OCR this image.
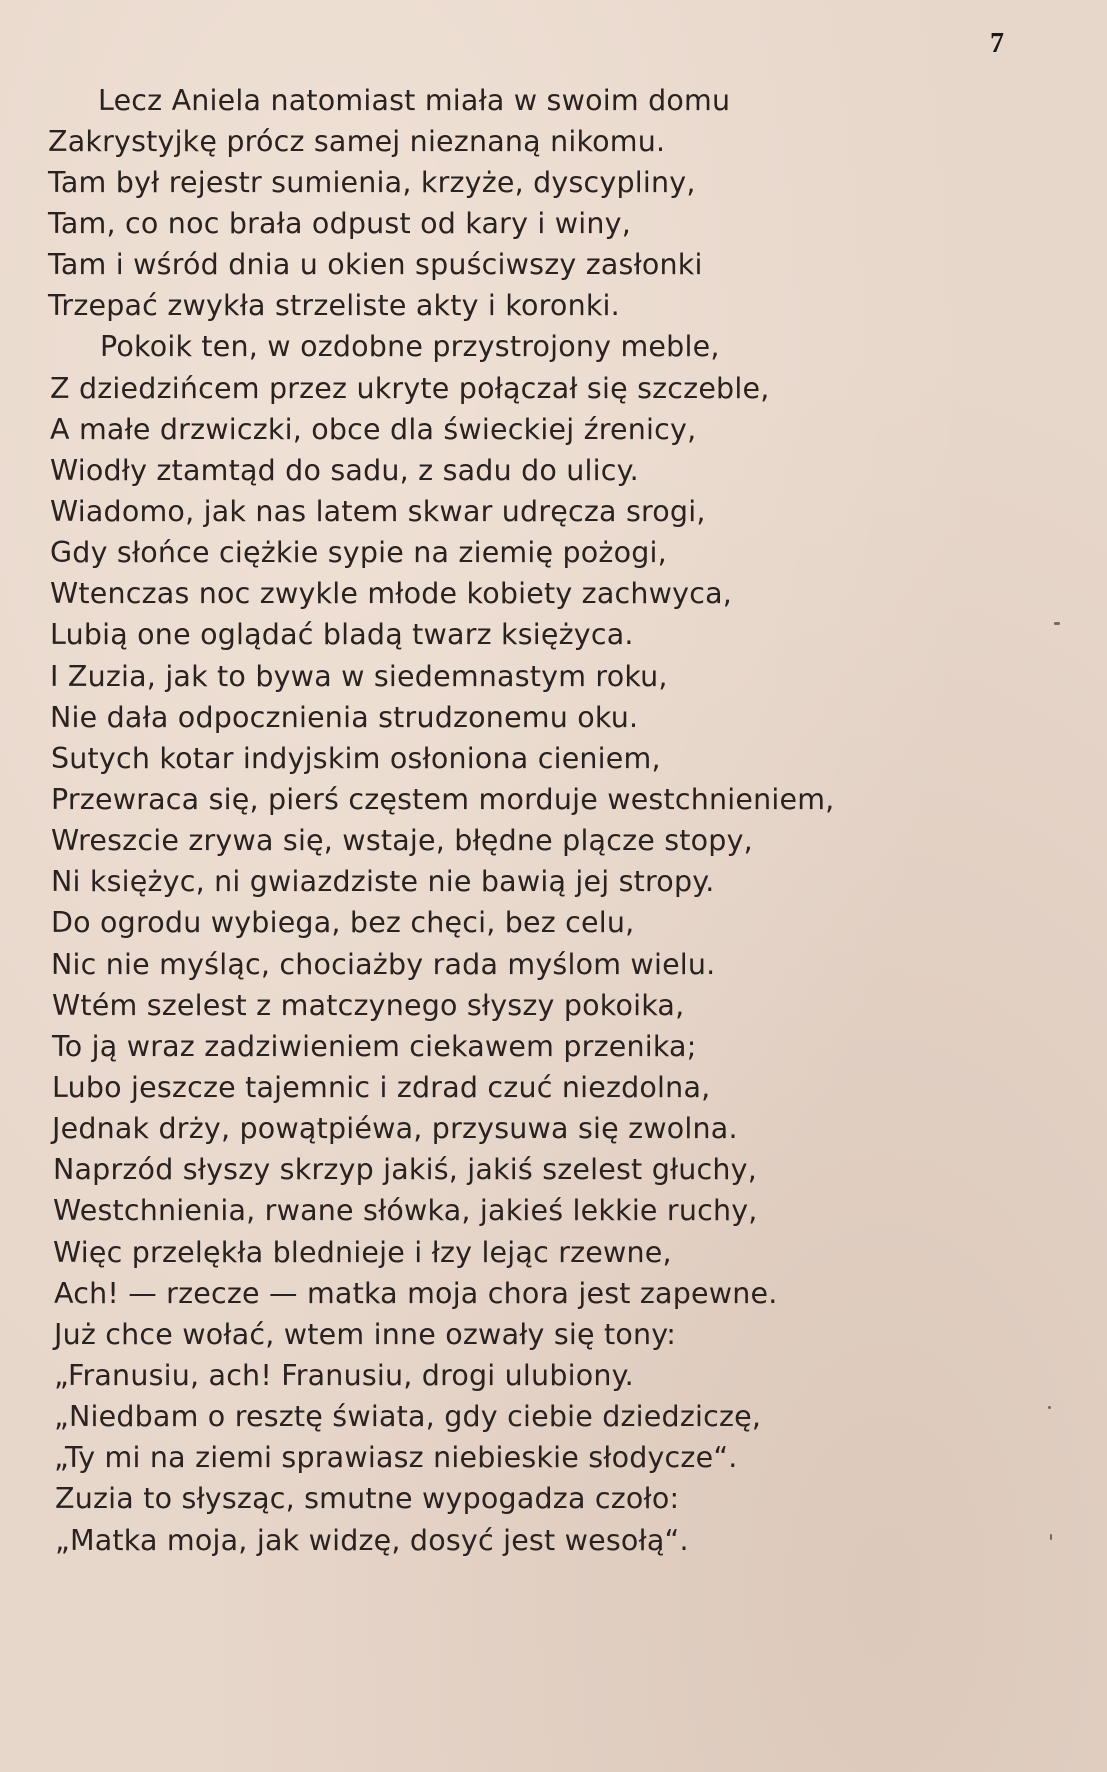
7
Lecz Aniela natomiast miała w swoim domu
Zakrystyjkę prócz samej nieznaną nikomu.
Tam był rejestr sumienia, krzyże, dyscypliny,
Tam, co noc brała odpust od kary i winy,
Tam i wśród dnia u okien spuściwszy zasłonki
Trzepać zwykła strzeliste akty i koronki.
Pokoik ten, w ozdobne przystrojony meble,
Z dziedzińcem przez ukryte połączał się szczeble,
A małe drzwiczki, obce dla świeckiej źrenicy,
Wiodły ztamtąd do sadu, z sadu do ulicy.
Wiadomo, jak nas latem skwar udręcza srogi,
Gdy słońce ciężkie sypie na ziemię pożogi,
Wtenczas noc zwykle młode kobiety zachwyca,
Lubią one oglądać bladą twarz księżyca.
I Zuzia, jak to bywa w siedemnastym roku,
Nie dała odpocznienia strudzonemu oku.
Sutych kotar indyjskim osłoniona cieniem,
Przewraca się, pierś częstem morduje westchnieniem,
Wreszcie zrywa się, wstaje, błędne plącze stopy,
Ni księżyc, ni gwiazdziste nie bawią jej stropy.
Do ogrodu wybiega, bez chęci, bez celu,
Nic nie myśląc, chociażby rada myślom wielu.
Wtém szelest z matczynego słyszy pokoika,
To ją wraz zadziwieniem ciekawem przenika;
Lubo jeszcze tajemnic i zdrad czuć niezdolna,
Jednak drży, powątpiéwa, przysuwa się zwolna.
Naprzód słyszy skrzyp jakiś, jakiś szelest głuchy,
Westchnienia, rwane słówka, jakieś lekkie ruchy,
Więc przelękła blednieje i łzy lejąc rzewne,
Ach! — rzecze — matka moja chora jest zapewne.
Już chce wołać, wtem inne ozwały się tony:
„Franusiu, ach! Franusiu, drogi ulubiony.
„Niedbam o resztę świata, gdy ciebie dziedziczę,
„Ty mi na ziemi sprawiasz niebieskie słodycze“.
Zuzia to słysząc, smutne wypogadza czoło:
„Matka moja, jak widzę, dosyć jest wesołą“.
